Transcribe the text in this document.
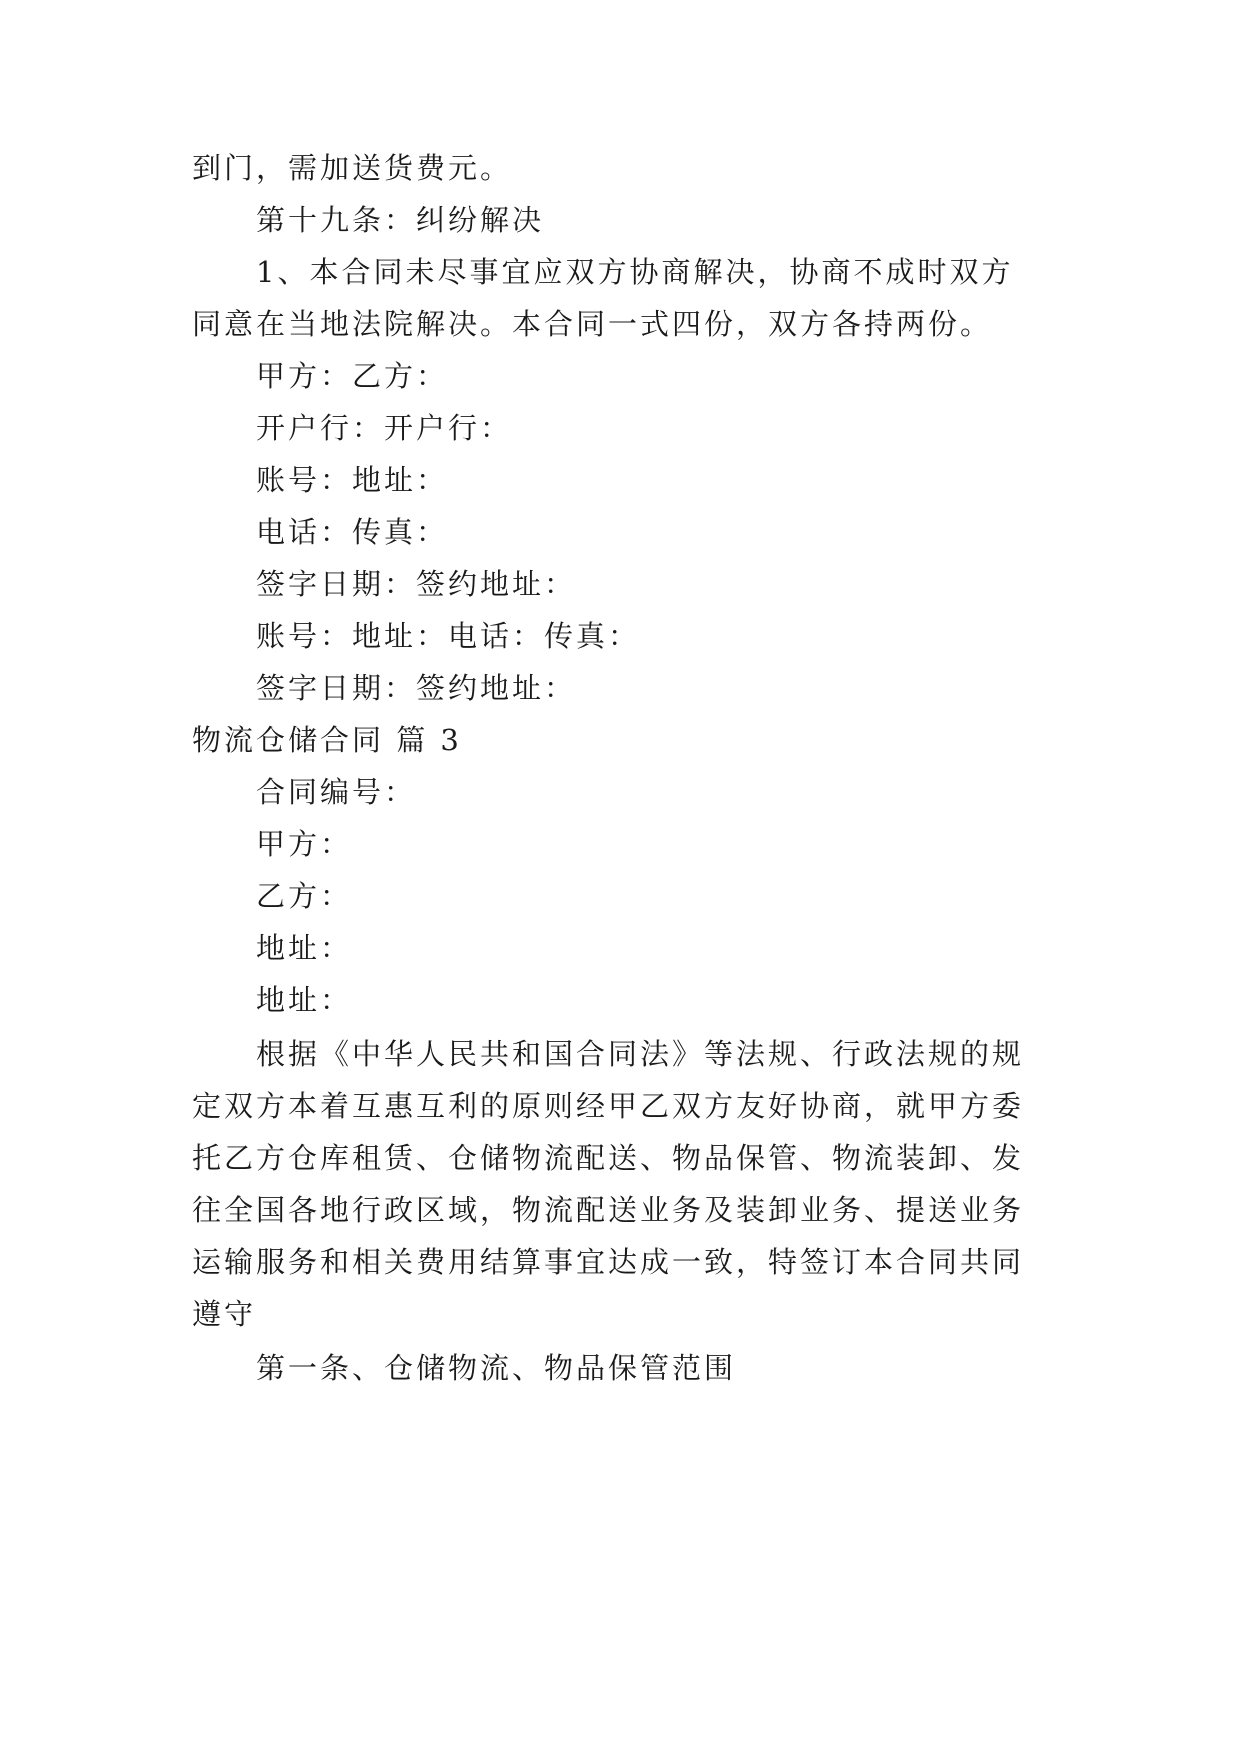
到门，需加送货费元。
第十九条：纠纷解决
1、本合同未尽事宜应双方协商解决，协商不成时双方
同意在当地法院解决。本合同一式四份，双方各持两份。
甲方：乙方：
开户行：开户行：
账号：地址：
电话：传真：
签字日期：签约地址：
账号：地址：电话：传真：
签字日期：签约地址：
物流仓储合同 篇 3
合同编号：
甲方：
乙方：
地址：
地址：
根据《中华人民共和国合同法》等法规、行政法规的规
定双方本着互惠互利的原则经甲乙双方友好协商，就甲方委
托乙方仓库租赁、仓储物流配送、物品保管、物流装卸、发
往全国各地行政区域，物流配送业务及装卸业务、提送业务
运输服务和相关费用结算事宜达成一致，特签订本合同共同
遵守
第一条、仓储物流、物品保管范围
